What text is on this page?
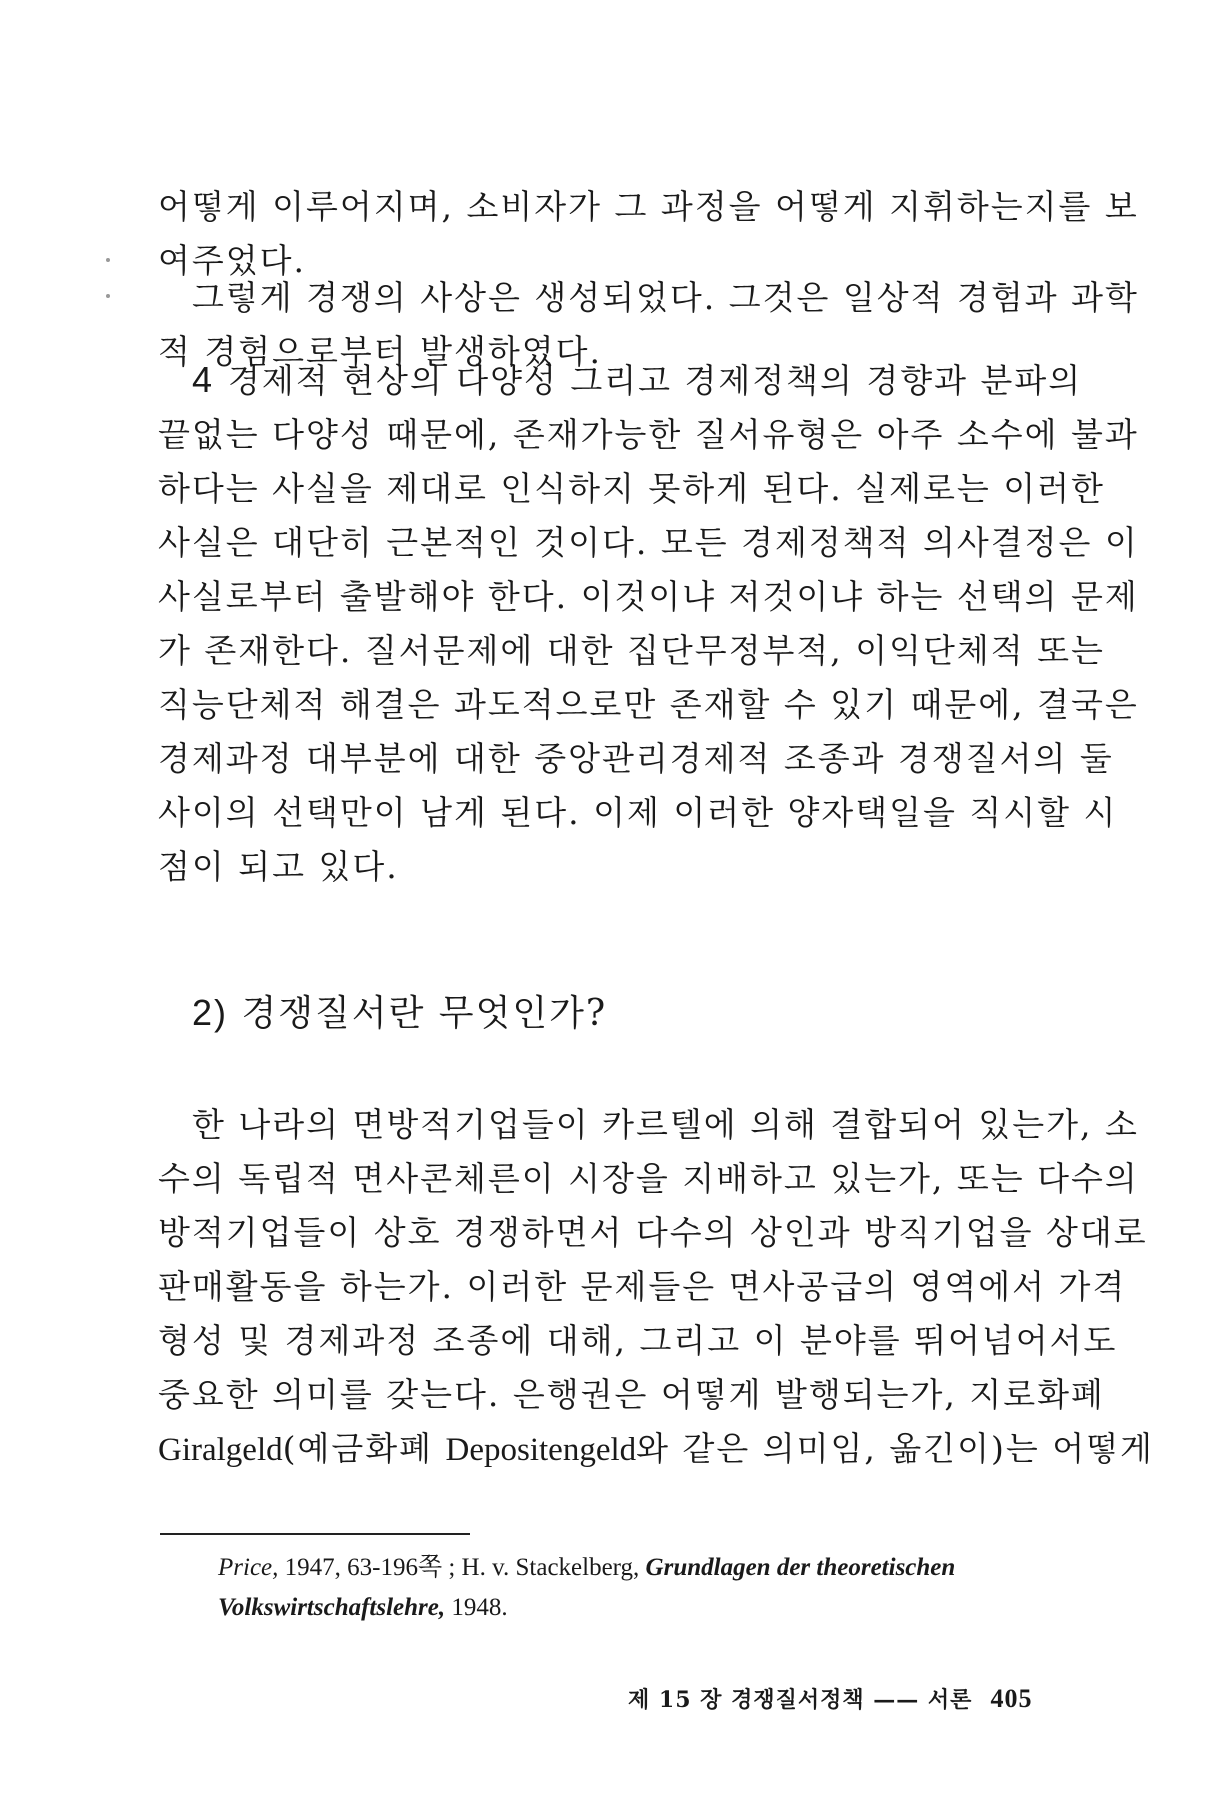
어떻게 이루어지며, 소비자가 그 과정을 어떻게 지휘하는지를 보
여주었다.

그렇게 경쟁의 사상은 생성되었다. 그것은 일상적 경험과 과학
적 경험으로부터 발생하였다.

4 경제적 현상의 다양성 그리고 경제정책의 경향과 분파의
끝없는 다양성 때문에, 존재가능한 질서유형은 아주 소수에 불과
하다는 사실을 제대로 인식하지 못하게 된다. 실제로는 이러한
사실은 대단히 근본적인 것이다. 모든 경제정책적 의사결정은 이
사실로부터 출발해야 한다. 이것이냐 저것이냐 하는 선택의 문제
가 존재한다. 질서문제에 대한 집단무정부적, 이익단체적 또는
직능단체적 해결은 과도적으로만 존재할 수 있기 때문에, 결국은
경제과정 대부분에 대한 중앙관리경제적 조종과 경쟁질서의 둘
사이의 선택만이 남게 된다. 이제 이러한 양자택일을 직시할 시
점이 되고 있다.

2) 경쟁질서란 무엇인가?

한 나라의 면방적기업들이 카르텔에 의해 결합되어 있는가, 소
수의 독립적 면사콘체른이 시장을 지배하고 있는가, 또는 다수의
방적기업들이 상호 경쟁하면서 다수의 상인과 방직기업을 상대로
판매활동을 하는가. 이러한 문제들은 면사공급의 영역에서 가격
형성 및 경제과정 조종에 대해, 그리고 이 분야를 뛰어넘어서도
중요한 의미를 갖는다. 은행권은 어떻게 발행되는가, 지로화폐
Giralgeld(예금화폐 Depositengeld와 같은 의미임, 옮긴이)는 어떻게

Price, 1947, 63-196쪽 ; H. v. Stackelberg, Grundlagen der theoretischen
Volkswirtschaftslehre, 1948.

제 15 장 경쟁질서정책 —— 서론 405
